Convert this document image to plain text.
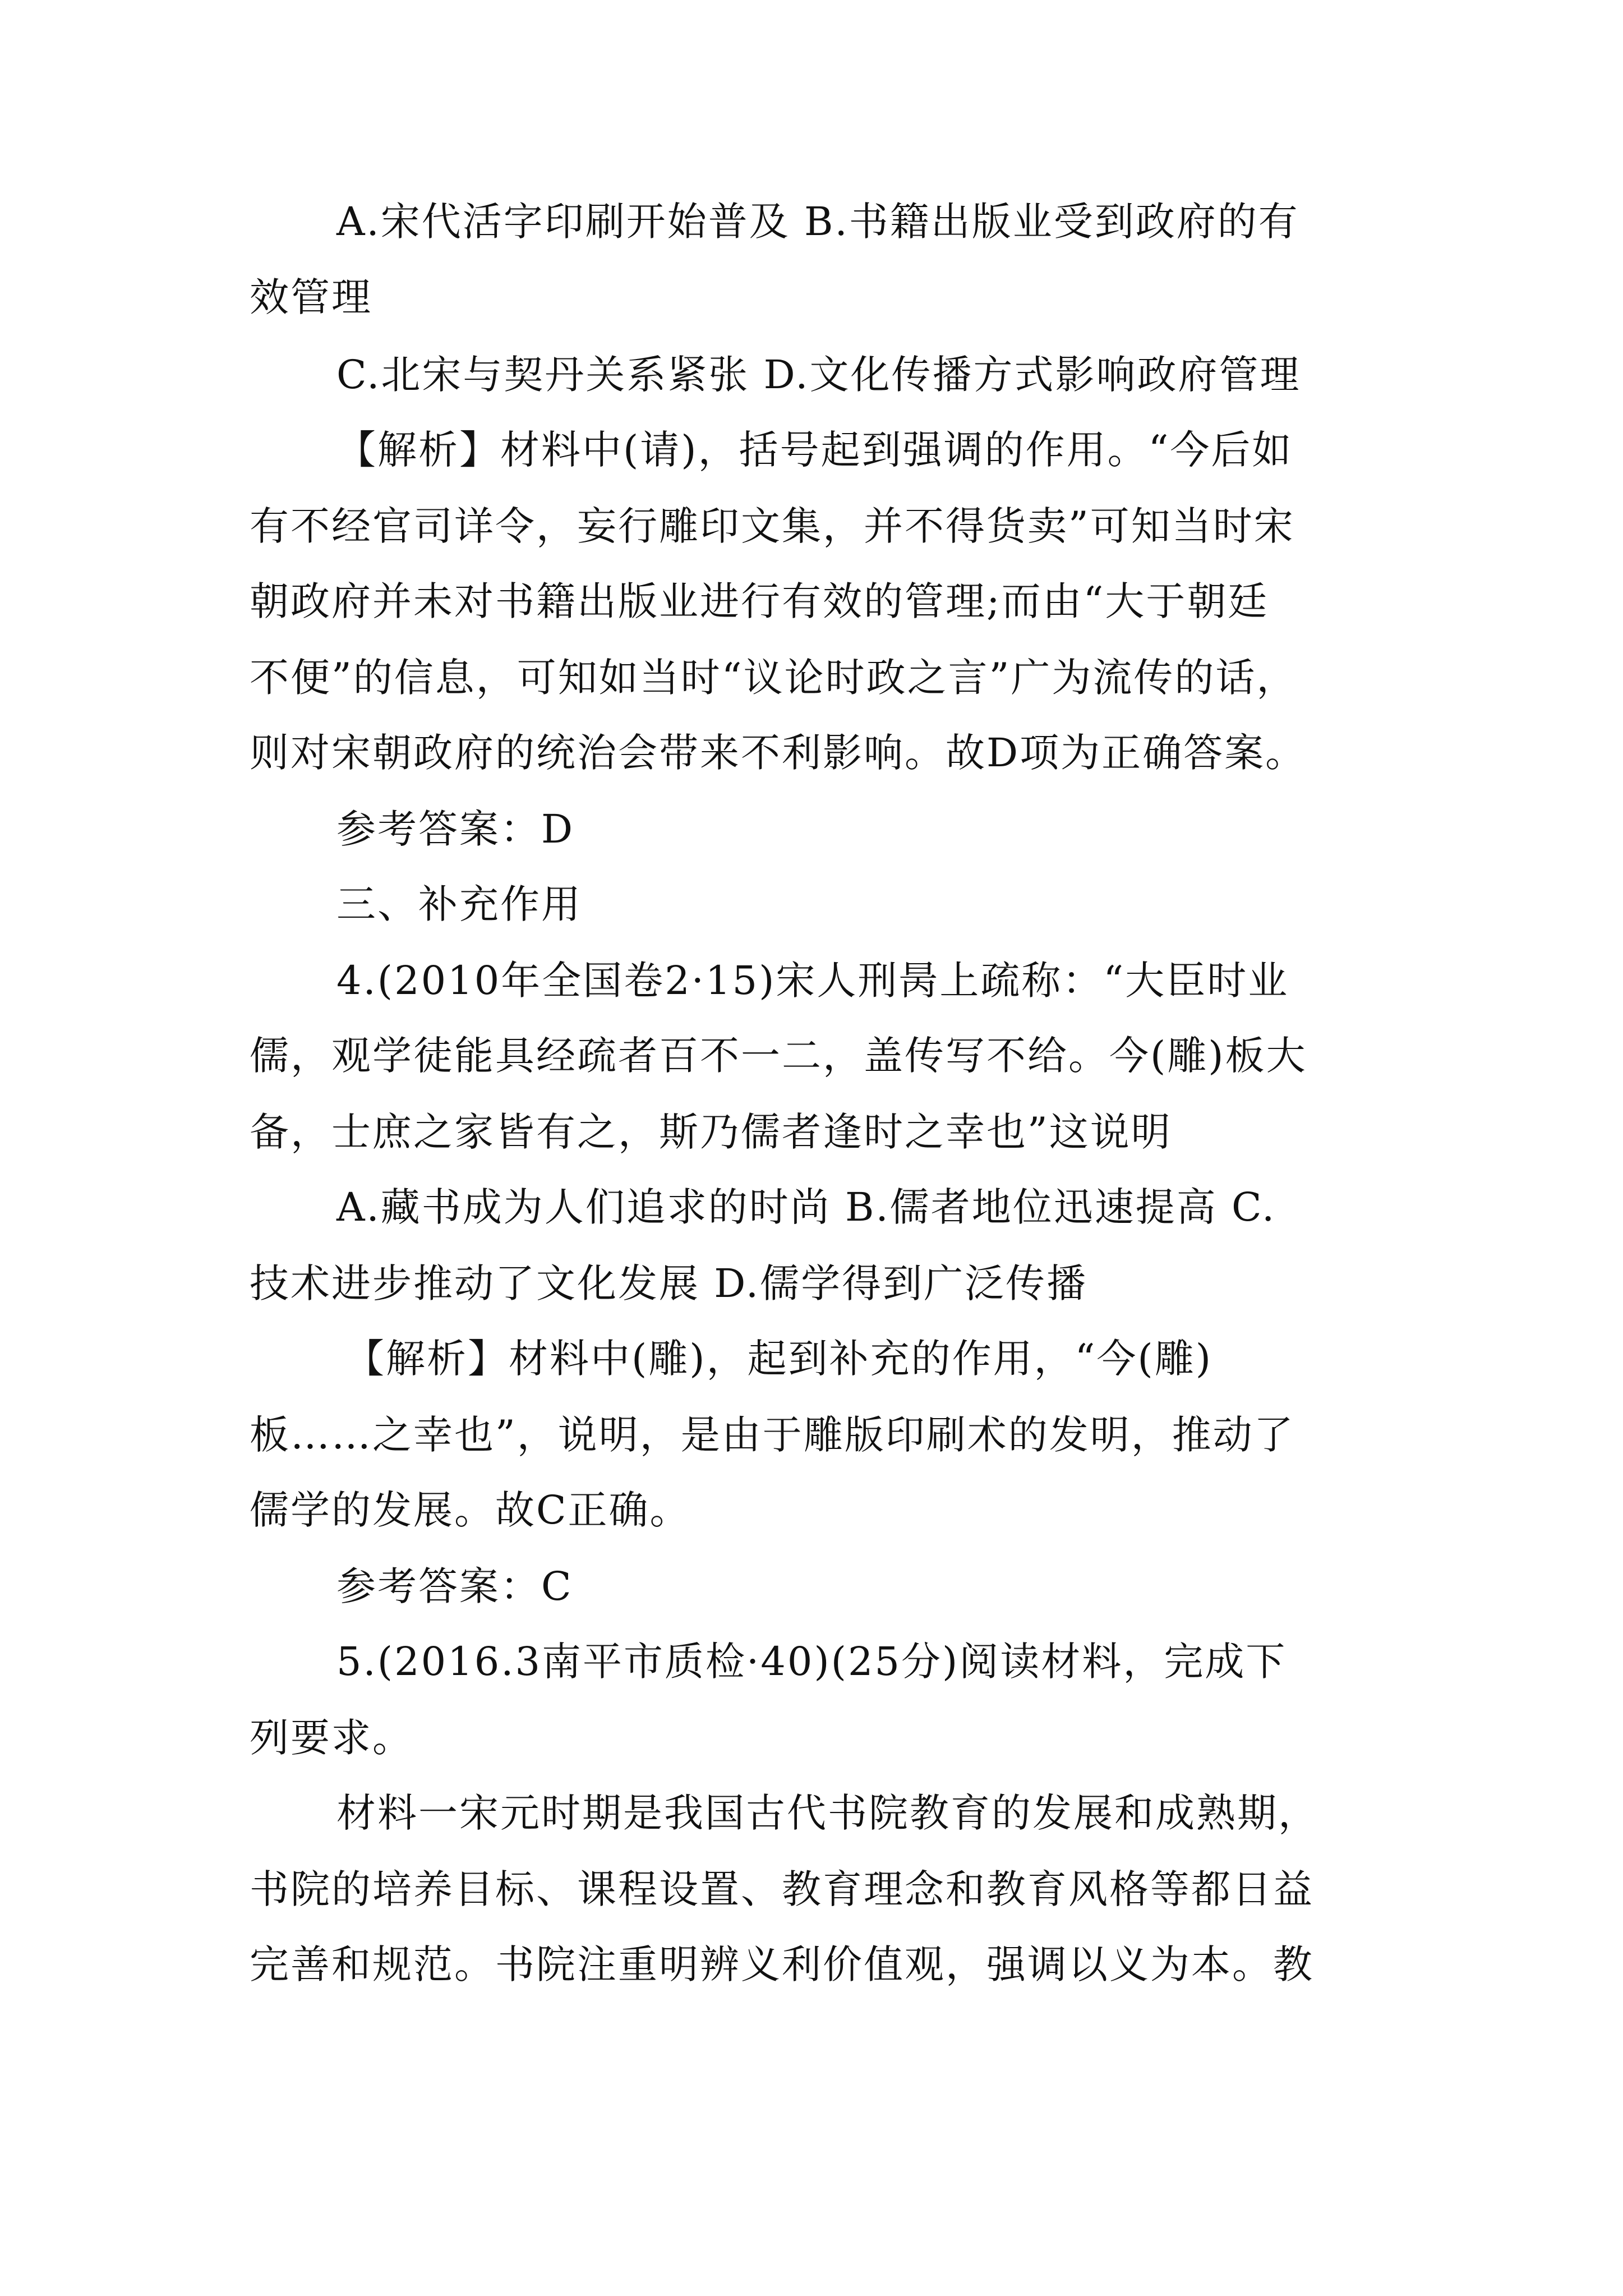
A.宋代活字印刷开始普及 B.书籍出版业受到政府的有
效管理
C.北宋与契丹关系紧张 D.文化传播方式影响政府管理
【解析】材料中(请)，括号起到强调的作用。“今后如
有不经官司详令，妄行雕印文集，并不得货卖”可知当时宋
朝政府并未对书籍出版业进行有效的管理;而由“大于朝廷
不便”的信息，可知如当时“议论时政之言”广为流传的话，
则对宋朝政府的统治会带来不利影响。故D项为正确答案。
参考答案：D
三、补充作用
4.(2010年全国卷2·15)宋人刑昺上疏称：“大臣时业
儒，观学徒能具经疏者百不一二，盖传写不给。今(雕)板大
备，士庶之家皆有之，斯乃儒者逢时之幸也”这说明
A.藏书成为人们追求的时尚 B.儒者地位迅速提高 C.
技术进步推动了文化发展 D.儒学得到广泛传播
【解析】材料中(雕)，起到补充的作用，“今(雕)
板……之幸也”，说明，是由于雕版印刷术的发明，推动了
儒学的发展。故C正确。
参考答案：C
5.(2016.3南平市质检·40)(25分)阅读材料，完成下
列要求。
材料一宋元时期是我国古代书院教育的发展和成熟期，
书院的培养目标、课程设置、教育理念和教育风格等都日益
完善和规范。书院注重明辨义利价值观，强调以义为本。教
